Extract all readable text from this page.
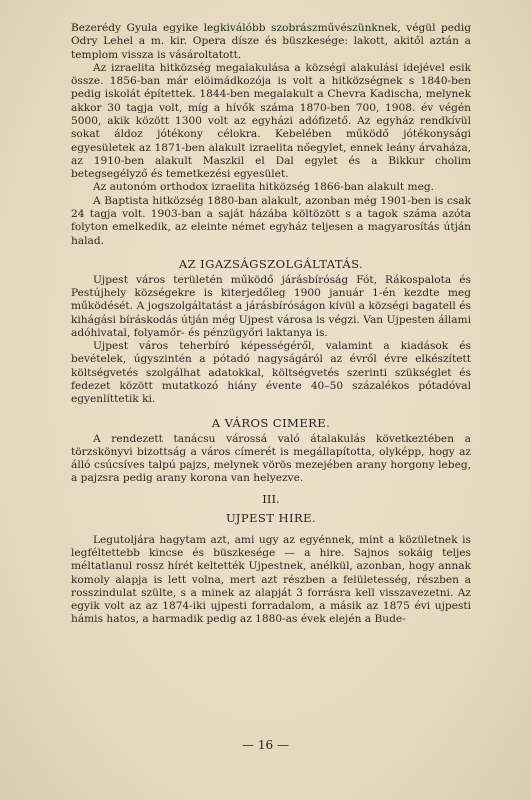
Bezerédy Gyula egyike legkiválóbb szobrászművészünknek, végül pedig Odry Lehel a m. kir. Opera dísze és büszkesége: lakott, akitől aztán a templom vissza is vásároltatott.

Az izraelita hitközség megalakulása a községi alakulási idejével esik össze. 1856-ban már elöimádkozója is volt a hitközségnek s 1840-ben pedig iskolát építettek. 1844-ben megalakult a Chevra Kadischa, melynek akkor 30 tagja volt, míg a hívők száma 1870-ben 700, 1908. év végén 5000, akik között 1300 volt az egyházi adófizető. Az egyház rendkívül sokat áldoz jótékony célokra. Kebelében működő jótékonysági egyesületek az 1871-ben alakult izraelita nőegylet, ennek leány árvaháza, az 1910-ben alakult Maszkil el Dal egylet és a Bikkur cholim betegsegélyző és temetkezési egyesület.

Az autonóm orthodox izraelita hitközség 1866-ban alakult meg.

A Baptista hitközség 1880-ban alakult, azonban még 1901-ben is csak 24 tagja volt. 1903-ban a saját házába költözött s a tagok száma azóta folyton emelkedik, az eleinte német egyház teljesen a magyarosítás útján halad.

AZ IGAZSÁGSZOLGÁLTATÁS.

Ujpest város területén működő járásbíróság Fót, Rákospalota és Pestújhely községekre is kiterjedőleg 1900 január 1-én kezdte meg működését. A jogszolgáltatást a járásbíróságon kívül a községi bagatell és kihágási bíráskodás útján még Ujpest városa is végzi. Van Ujpesten állami adóhivatal, folyamőr- és pénzügyőri laktanya is.

Ujpest város teherbíró képességéről, valamint a kiadások és bevételek, úgyszintén a pótadó nagyságáról az évről évre elkészített költségvetés szolgálhat adatokkal, költségvetés szerinti szükséglet és fedezet között mutatkozó hiány évente 40–50 százalékos pótadóval egyenlíttetik ki.

A VÁROS CIMERE.

A rendezett tanácsu várossá való átalakulás következtében a törzskönyvi bizottság a város címerét is megállapította, olyképp, hogy az álló csúcsíves talpú pajzs, melynek vörös mezejében arany horgony lebeg, a pajzsra pedig arany korona van helyezve.

III.

UJPEST HIRE.

Legutoljára hagytam azt, ami ugy az egyénnek, mint a közületnek is legféltettebb kincse és büszkesége — a hire. Sajnos sokáig teljes méltatlanul rossz hírét keltették Ujpestnek, anélkül, azonban, hogy annak komoly alapja is lett volna, mert azt részben a felületesség, részben a rosszindulat szülte, s a minek az alapját 3 forrásra kell visszavezetni. Az egyik volt az az 1874-iki ujpesti forradalom, a másik az 1875 évi ujpesti hámis hatos, a harmadik pedig az 1880-as évek elején a Bude-

— 16 —
